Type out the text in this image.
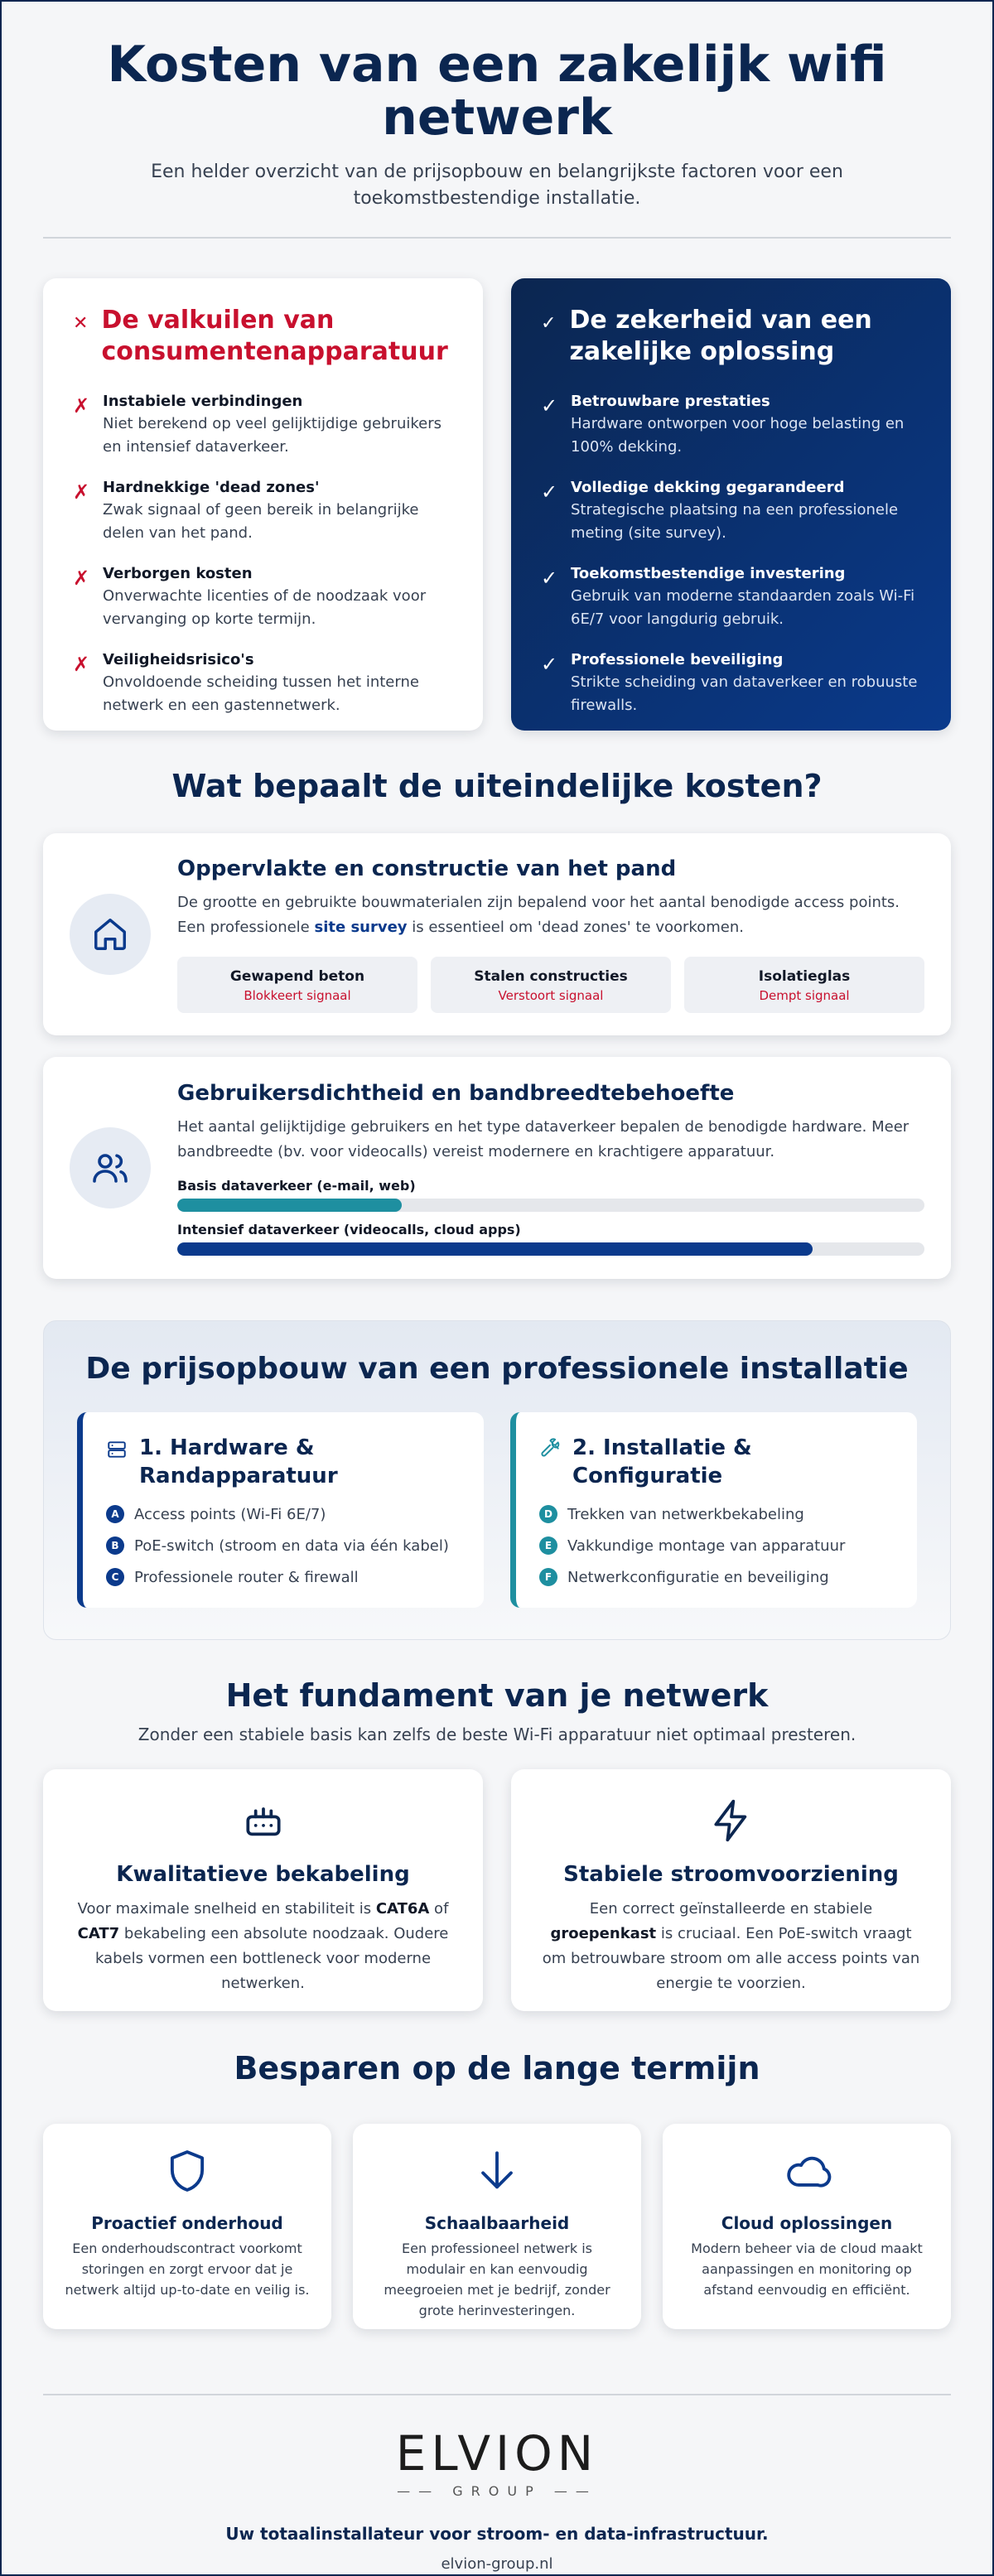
Kosten van een zakelijk wifi netwerk

Een helder overzicht van de prijsopbouw en belangrijkste factoren voor een toekomstbestendige installatie.

✕ De valkuilen van consumentenapparatuur
✗ Instabiele verbindingen
Niet berekend op veel gelijktijdige gebruikers en intensief dataverkeer.
✗ Hardnekkige 'dead zones'
Zwak signaal of geen bereik in belangrijke delen van het pand.
✗ Verborgen kosten
Onverwachte licenties of de noodzaak voor vervanging op korte termijn.
✗ Veiligheidsrisico's
Onvoldoende scheiding tussen het interne netwerk en een gastennetwerk.
✓ De zekerheid van een zakelijke oplossing
✓ Betrouwbare prestaties
Hardware ontworpen voor hoge belasting en 100% dekking.
✓ Volledige dekking gegarandeerd
Strategische plaatsing na een professionele meting (site survey).
✓ Toekomstbestendige investering
Gebruik van moderne standaarden zoals Wi-Fi 6E/7 voor langdurig gebruik.
✓ Professionele beveiliging
Strikte scheiding van dataverkeer en robuuste firewalls.
Wat bepaalt de uiteindelijke kosten?
Oppervlakte en constructie van het pand
De grootte en gebruikte bouwmaterialen zijn bepalend voor het aantal benodigde access points. Een professionele site survey is essentieel om 'dead zones' te voorkomen.
Gewapend beton
Blokkeert signaal
Stalen constructies
Verstoort signaal
Isolatieglas
Dempt signaal
Gebruikersdichtheid en bandbreedtebehoefte
Het aantal gelijktijdige gebruikers en het type dataverkeer bepalen de benodigde hardware. Meer bandbreedte (bv. voor videocalls) vereist modernere en krachtigere apparatuur.
Basis dataverkeer (e-mail, web)
Intensief dataverkeer (videocalls, cloud apps)
De prijsopbouw van een professionele installatie
1. Hardware & Randapparatuur
A	Access points (Wi-Fi 6E/7)
B	PoE-switch (stroom en data via één kabel)
C	Professionele router & firewall
2. Installatie & Configuratie
D	Trekken van netwerkbekabeling
E	Vakkundige montage van apparatuur
F	Netwerkconfiguratie en beveiliging
Het fundament van je netwerk

Zonder een stabiele basis kan zelfs de beste Wi-Fi apparatuur niet optimaal presteren.

Kwalitatieve bekabeling
Voor maximale snelheid en stabiliteit is CAT6A of CAT7 bekabeling een absolute noodzaak. Oudere kabels vormen een bottleneck voor moderne netwerken.
Stabiele stroomvoorziening
Een correct geïnstalleerde en stabiele groepenkast is cruciaal. Een PoE-switch vraagt om betrouwbare stroom om alle access points van energie te voorzien.
Besparen op de lange termijn
Proactief onderhoud
Een onderhoudscontract voorkomt storingen en zorgt ervoor dat je netwerk altijd up-to-date en veilig is.
Schaalbaarheid
Een professioneel netwerk is modulair en kan eenvoudig meegroeien met je bedrijf, zonder grote herinvesteringen.
Cloud oplossingen
Modern beheer via de cloud maakt aanpassingen en monitoring op afstand eenvoudig en efficiënt.
ELVION
—— GROUP ——
Uw totaalinstallateur voor stroom- en data-infrastructuur.
elvion-group.nl
